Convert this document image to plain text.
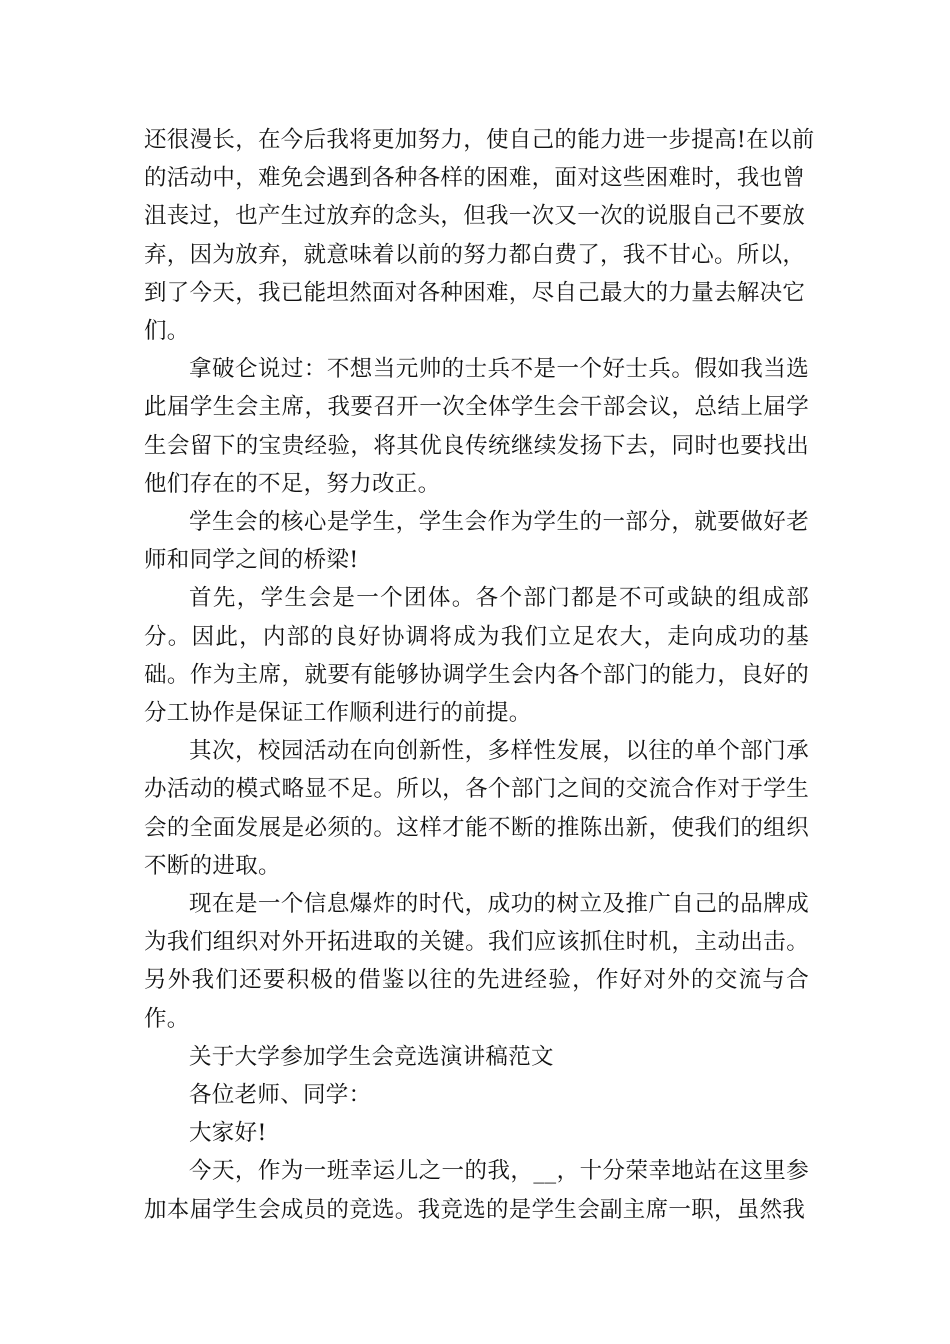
还很漫长，在今后我将更加努力，使自己的能力进一步提高!在以前

的活动中，难免会遇到各种各样的困难，面对这些困难时，我也曾

沮丧过，也产生过放弃的念头，但我一次又一次的说服自己不要放

弃，因为放弃，就意味着以前的努力都白费了，我不甘心。所以，

到了今天，我已能坦然面对各种困难，尽自己最大的力量去解决它

们。

拿破仑说过：不想当元帅的士兵不是一个好士兵。假如我当选此届学生会主席，我要召开一次全体学生会干部会议，总结上届学生会留下的宝贵经验，将其优良传统继续发扬下去，同时也要找出他们存在的不足，努力改正。

学生会的核心是学生，学生会作为学生的一部分，就要做好老师和同学之间的桥梁!

首先，学生会是一个团体。各个部门都是不可或缺的组成部分。因此，内部的良好协调将成为我们立足农大，走向成功的基础。作为主席，就要有能够协调学生会内各个部门的能力，良好的分工协作是保证工作顺利进行的前提。

其次，校园活动在向创新性，多样性发展，以往的单个部门承办活动的模式略显不足。所以，各个部门之间的交流合作对于学生会的全面发展是必须的。这样才能不断的推陈出新，使我们的组织不断的进取。

现在是一个信息爆炸的时代，成功的树立及推广自己的品牌成为我们组织对外开拓进取的关键。我们应该抓住时机，主动出击。另外我们还要积极的借鉴以往的先进经验，作好对外的交流与合作。

关于大学参加学生会竞选演讲稿范文

各位老师、同学：

大家好!

今天，作为一班幸运儿之一的我，__，十分荣幸地站在这里参加本届学生会成员的竞选。我竞选的是学生会副主席一职，虽然我
